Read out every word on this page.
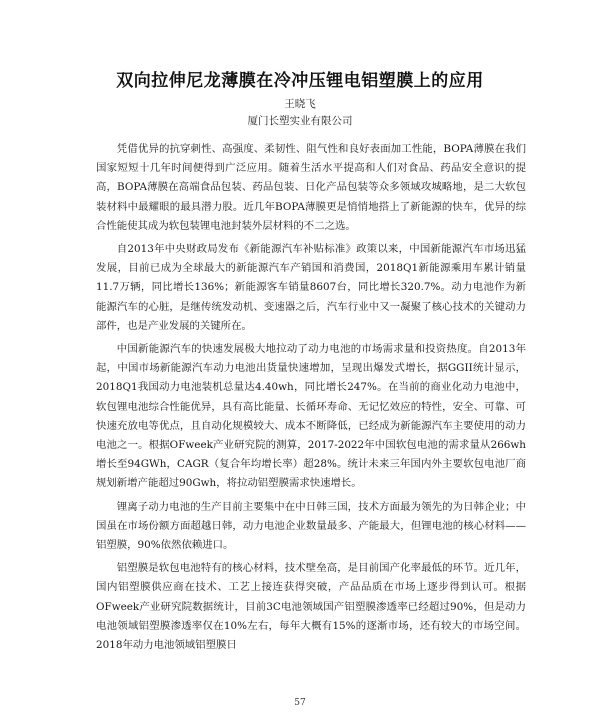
双向拉伸尼龙薄膜在冷冲压锂电铝塑膜上的应用
王晓飞
厦门长塑实业有限公司

凭借优异的抗穿刺性、高强度、柔韧性、阻气性和良好表面加工性能，BOPA薄膜在我们国家短短十几年时间便得到广泛应用。随着生活水平提高和人们对食品、药品安全意识的提高，BOPA薄膜在高端食品包装、药品包装、日化产品包装等众多领域攻城略地，是二大软包装材料中最耀眼的最具潜力股。近几年BOPA薄膜更是悄悄地搭上了新能源的快车，优异的综合性能使其成为软包装锂电池封装外层材料的不二之选。

自2013年中央财政局发布《新能源汽车补贴标准》政策以来，中国新能源汽车市场迅猛发展，目前已成为全球最大的新能源汽车产销国和消费国，2018Q1新能源乘用车累计销量11.7万辆，同比增长136%；新能源客车销量8607台，同比增长320.7%。动力电池作为新能源汽车的心脏，是继传统发动机、变速器之后，汽车行业中又一凝聚了核心技术的关键动力部件，也是产业发展的关键所在。

中国新能源汽车的快速发展极大地拉动了动力电池的市场需求量和投资热度。自2013年起，中国市场新能源汽车动力电池出货量快速增加，呈现出爆发式增长，据GGII统计显示，2018Q1我国动力电池装机总量达4.40wh，同比增长247%。在当前的商业化动力电池中，软包锂电池综合性能优异，具有高比能量、长循环寿命、无记忆效应的特性，安全、可靠、可快速充放电等优点，且自动化规模较大、成本不断降低，已经成为新能源汽车主要使用的动力电池之一。根据OFweek产业研究院的测算，2017-2022年中国软包电池的需求量从266wh增长至94GWh，CAGR（复合年均增长率）超28%。统计未来三年国内外主要软包电池厂商规划新增产能超过90Gwh，将拉动铝塑膜需求快速增长。

锂离子动力电池的生产目前主要集中在中日韩三国，技术方面最为领先的为日韩企业；中国虽在市场份额方面超越日韩，动力电池企业数量最多、产能最大，但锂电池的核心材料——铝塑膜，90%依然依赖进口。

铝塑膜是软包电池特有的核心材料，技术壁垒高，是目前国产化率最低的环节。近几年，国内铝塑膜供应商在技术、工艺上接连获得突破，产品品质在市场上逐步得到认可。根据OFweek产业研究院数据统计，目前3C电池领域国产铝塑膜渗透率已经超过90%，但是动力电池领域铝塑膜渗透率仅在10%左右，每年大概有15%的逐渐市场，还有较大的市场空间。2018年动力电池领域铝塑膜日

57
